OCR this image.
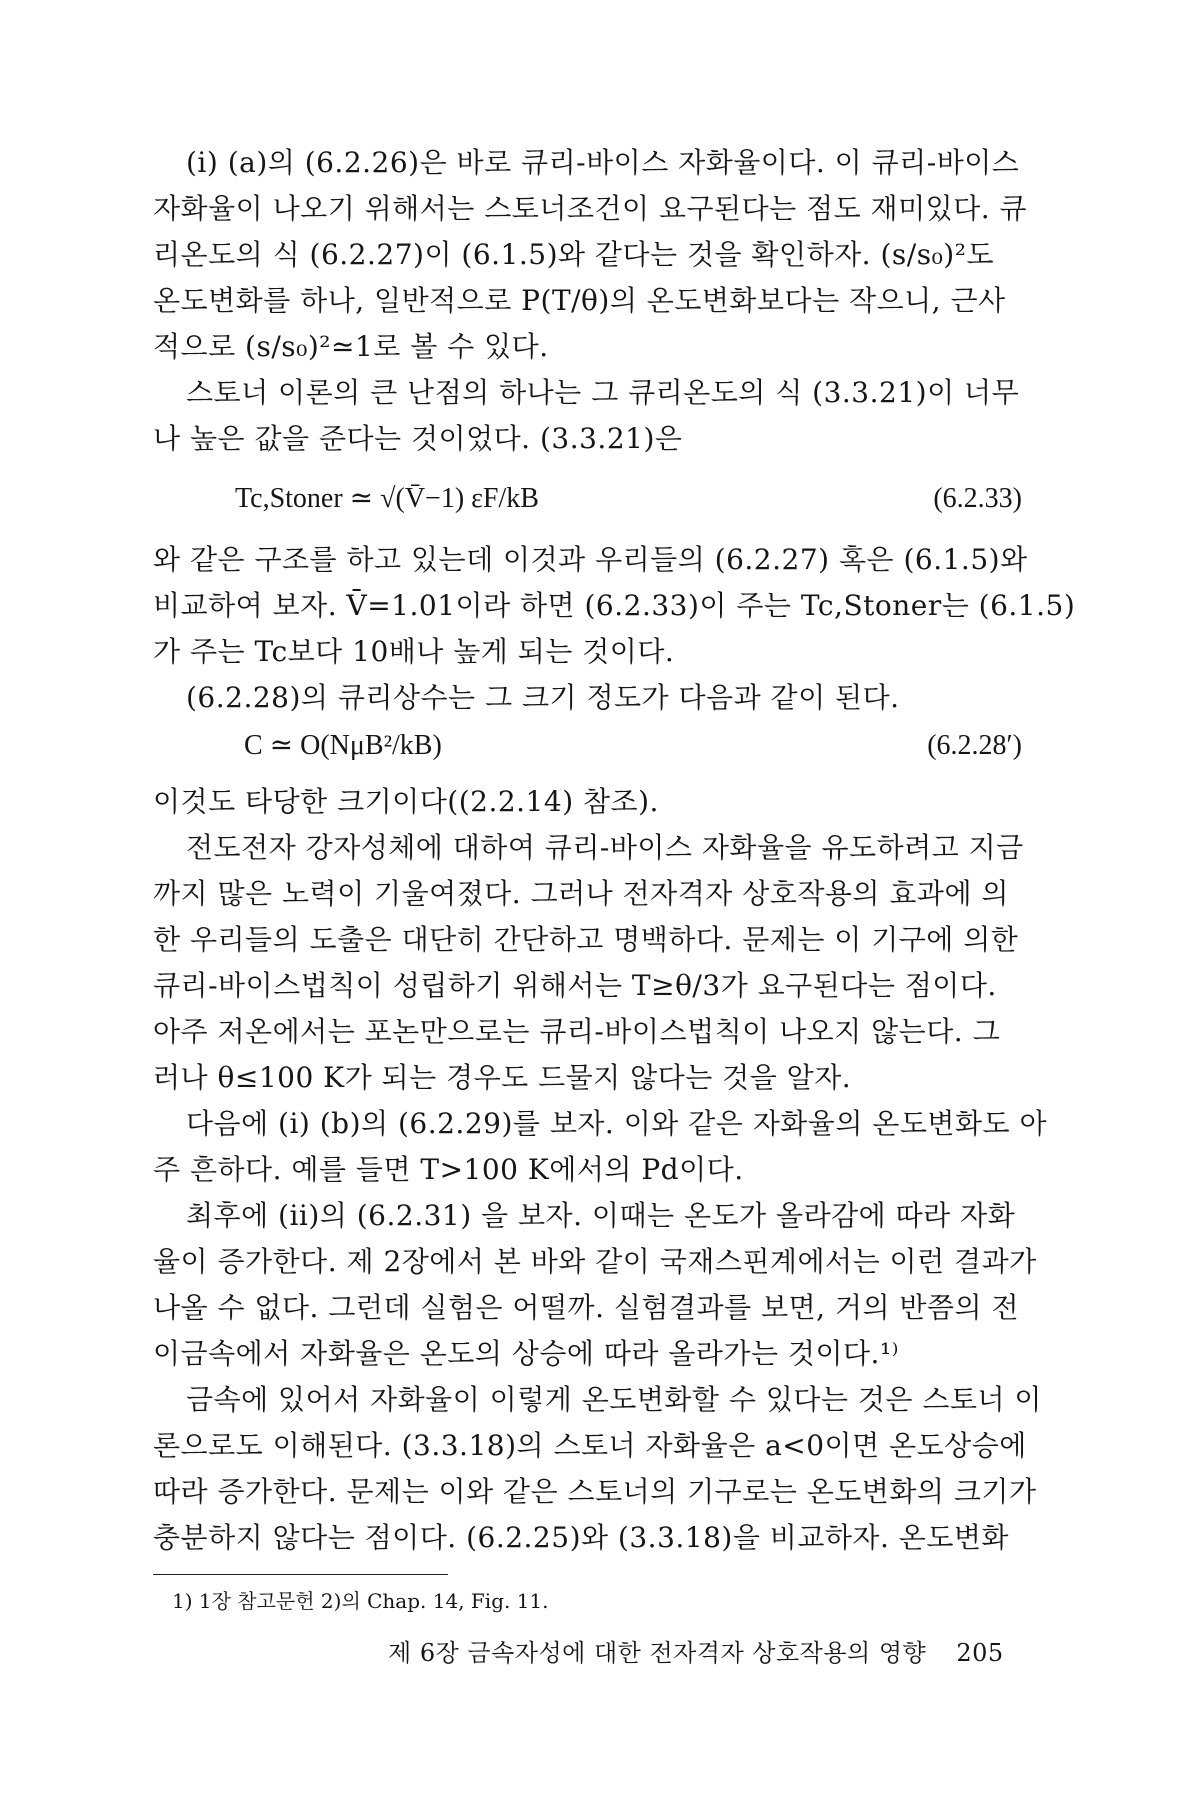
(i) (a)의 (6.2.26)은 바로 큐리-바이스 자화율이다. 이 큐리-바이스
자화율이 나오기 위해서는 스토너조건이 요구된다는 점도 재미있다. 큐
리온도의 식 (6.2.27)이 (6.1.5)와 같다는 것을 확인하자. (s/s₀)²도
온도변화를 하나, 일반적으로 P(T/θ)의 온도변화보다는 작으니, 근사
적으로 (s/s₀)²≃1로 볼 수 있다.
스토너 이론의 큰 난점의 하나는 그 큐리온도의 식 (3.3.21)이 너무
나 높은 값을 준다는 것이었다. (3.3.21)은
Tc,Stoner ≃ √(V̄−1) εF/kB	(6.2.33)
와 같은 구조를 하고 있는데 이것과 우리들의 (6.2.27) 혹은 (6.1.5)와
비교하여 보자. V̄=1.01이라 하면 (6.2.33)이 주는 Tc,Stoner는 (6.1.5)
가 주는 Tc보다 10배나 높게 되는 것이다.
(6.2.28)의 큐리상수는 그 크기 정도가 다음과 같이 된다.
C ≃ O(NμB²/kB)	(6.2.28′)
이것도 타당한 크기이다((2.2.14) 참조).
전도전자 강자성체에 대하여 큐리-바이스 자화율을 유도하려고 지금
까지 많은 노력이 기울여졌다. 그러나 전자격자 상호작용의 효과에 의
한 우리들의 도출은 대단히 간단하고 명백하다. 문제는 이 기구에 의한
큐리-바이스법칙이 성립하기 위해서는 T≥θ/3가 요구된다는 점이다.
아주 저온에서는 포논만으로는 큐리-바이스법칙이 나오지 않는다. 그
러나 θ≤100 K가 되는 경우도 드물지 않다는 것을 알자.
다음에 (i) (b)의 (6.2.29)를 보자. 이와 같은 자화율의 온도변화도 아
주 흔하다. 예를 들면 T>100 K에서의 Pd이다.
최후에 (ii)의 (6.2.31) 을 보자. 이때는 온도가 올라감에 따라 자화
율이 증가한다. 제 2장에서 본 바와 같이 국재스핀계에서는 이런 결과가
나올 수 없다. 그런데 실험은 어떨까. 실험결과를 보면, 거의 반쯤의 전
이금속에서 자화율은 온도의 상승에 따라 올라가는 것이다.¹⁾
금속에 있어서 자화율이 이렇게 온도변화할 수 있다는 것은 스토너 이
론으로도 이해된다. (3.3.18)의 스토너 자화율은 a<0이면 온도상승에
따라 증가한다. 문제는 이와 같은 스토너의 기구로는 온도변화의 크기가
충분하지 않다는 점이다. (6.2.25)와 (3.3.18)을 비교하자. 온도변화
1) 1장 참고문헌 2)의 Chap. 14, Fig. 11.
제 6장 금속자성에 대한 전자격자 상호작용의 영향 205
